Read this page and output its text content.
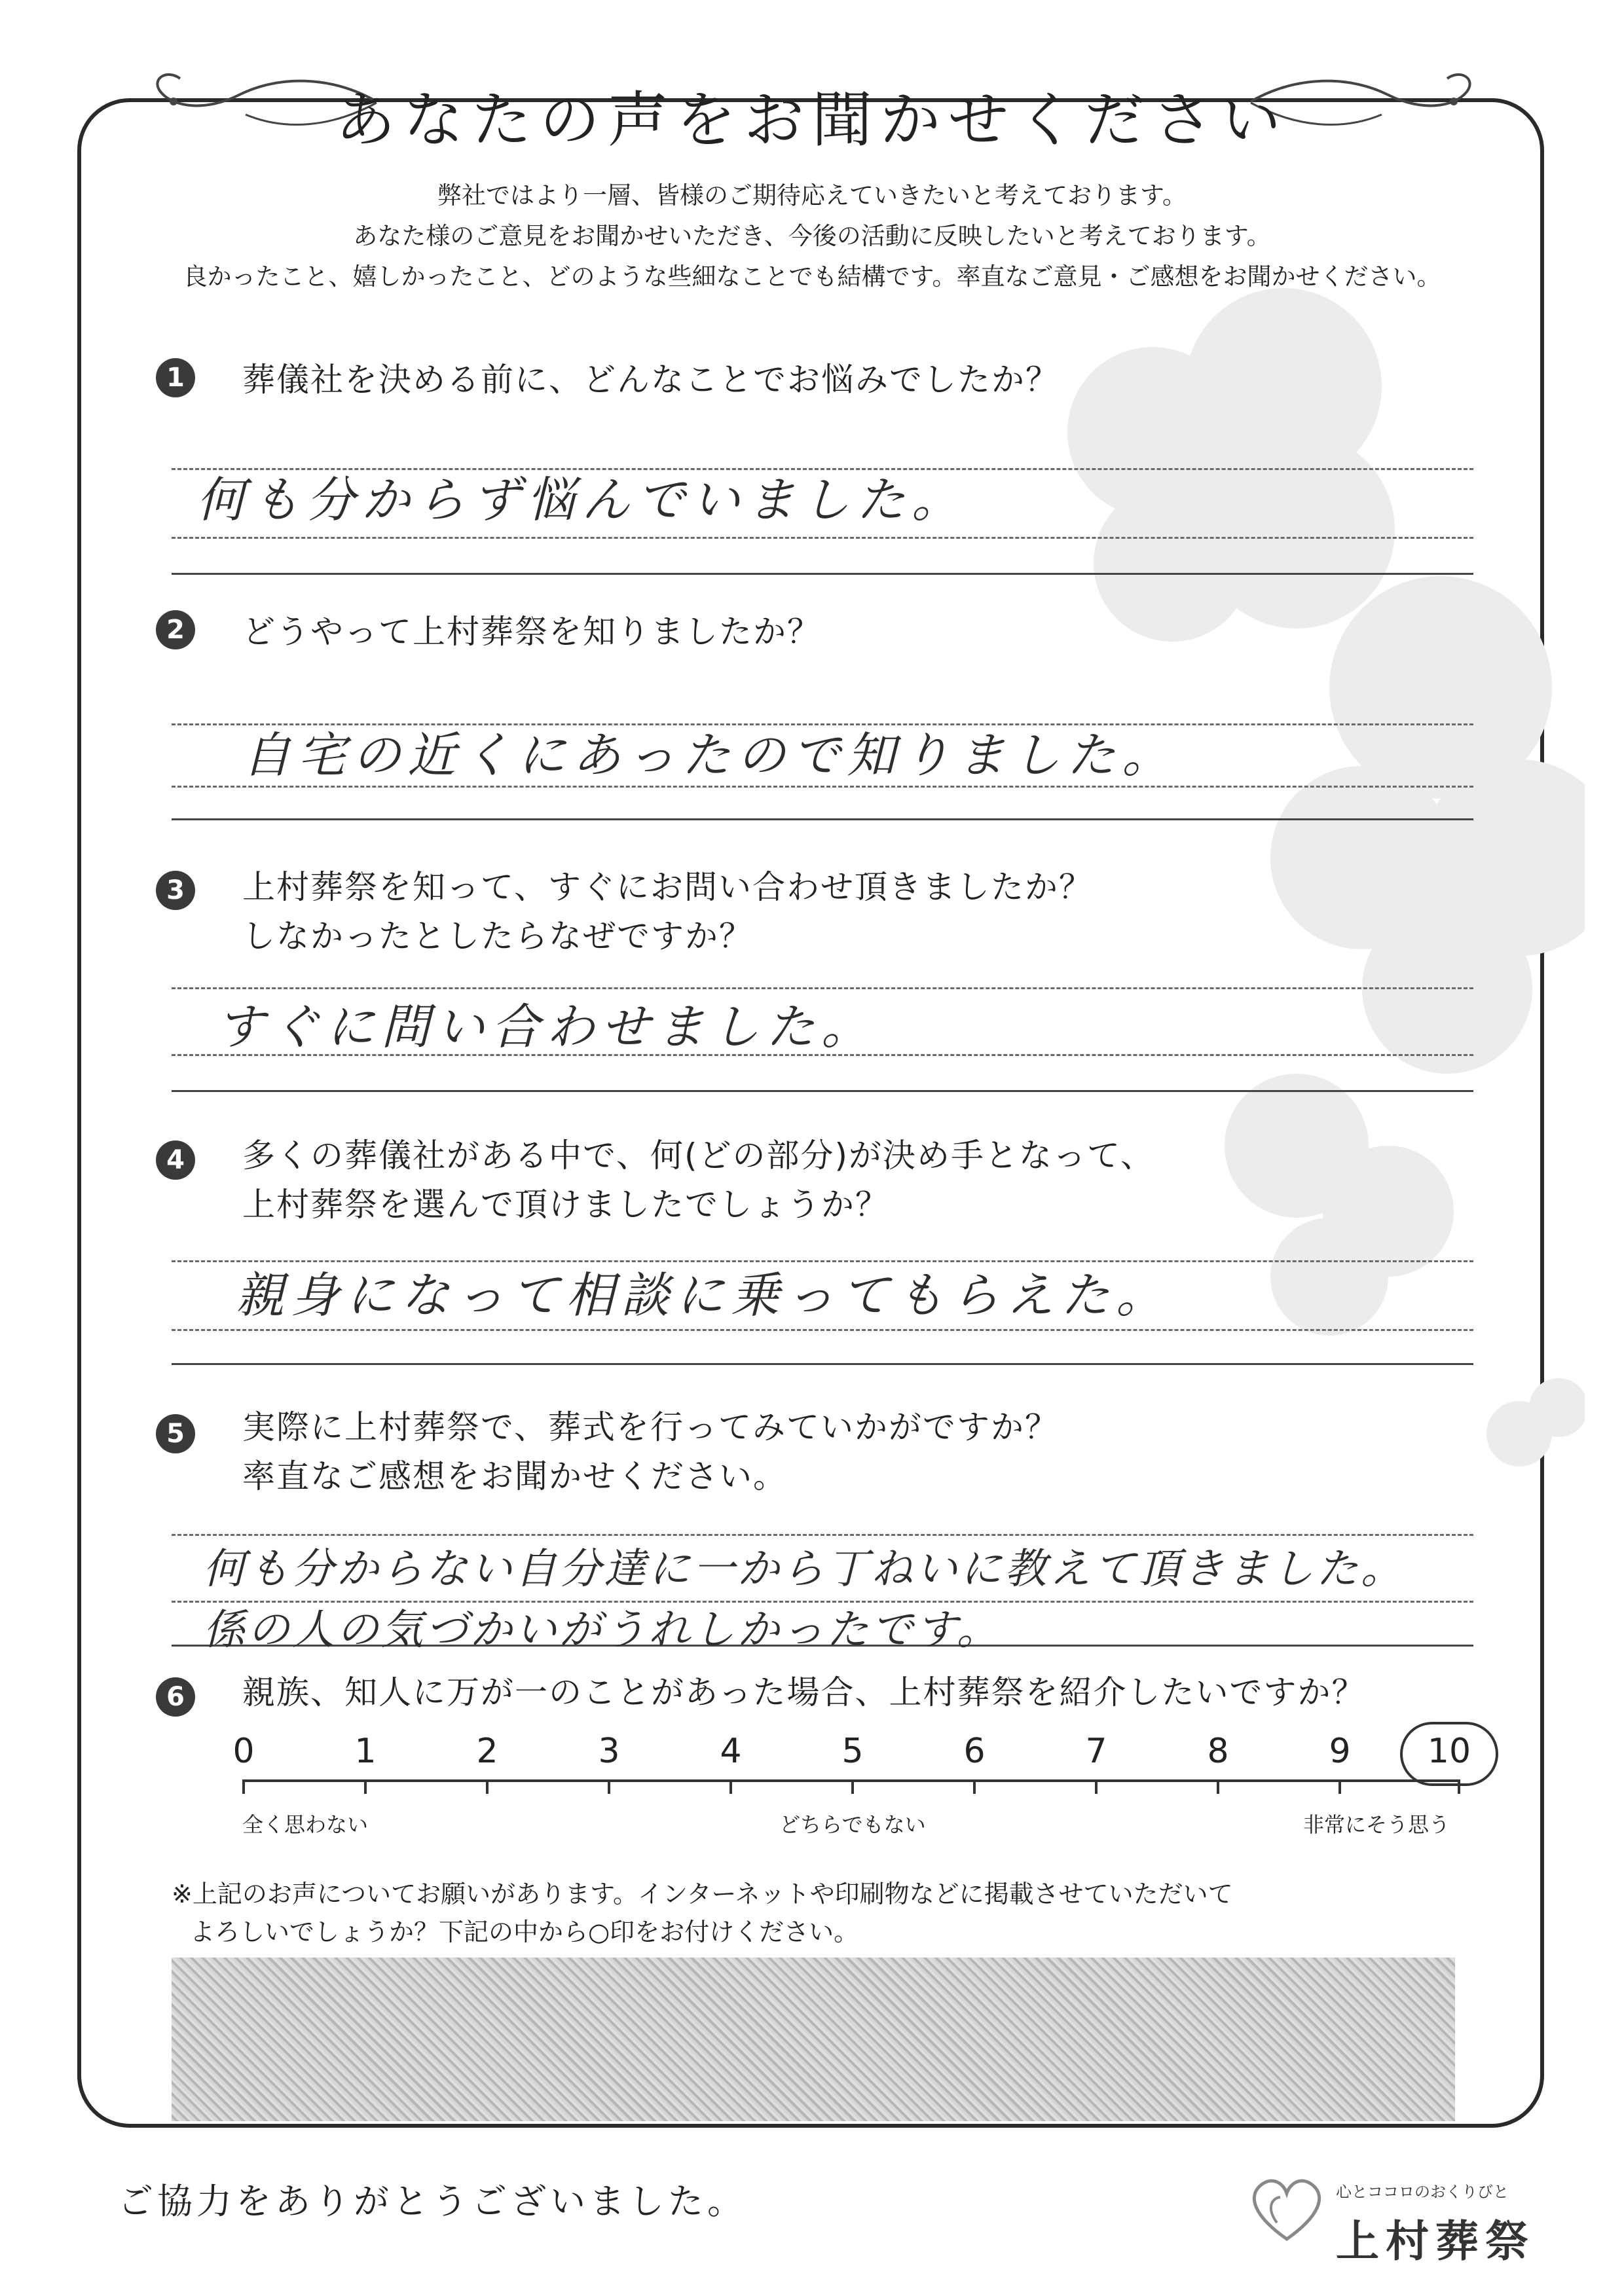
あなたの声をお聞かせください
弊社ではより一層、皆様のご期待応えていきたいと考えております。
あなた様のご意見をお聞かせいただき、今後の活動に反映したいと考えております。
良かったこと、嬉しかったこと、どのような些細なことでも結構です。率直なご意見・ご感想をお聞かせください。
1	葬儀社を決める前に、どんなことでお悩みでしたか？
何も分からず悩んでいました。
2	どうやって上村葬祭を知りましたか？
自宅の近くにあったので知りました。
3	上村葬祭を知って、すぐにお問い合わせ頂きましたか？
しなかったとしたらなぜですか？
すぐに問い合わせました。
4	多くの葬儀社がある中で、何(どの部分)が決め手となって、
上村葬祭を選んで頂けましたでしょうか？
親身になって相談に乗ってもらえた。
5	実際に上村葬祭で、葬式を行ってみていかがですか？
率直なご感想をお聞かせください。
何も分からない自分達に一から丁ねいに教えて頂きました。
係の人の気づかいがうれしかったです。
6	親族、知人に万が一のことがあった場合、上村葬祭を紹介したいですか？
0	1	2	3	4	5	6	7	8	9	10
全く思わない	どちらでもない	非常にそう思う
※上記のお声についてお願いがあります。インターネットや印刷物などに掲載させていただいて
よろしいでしょうか？下記の中から○印をお付けください。
ご協力をありがとうございました。	心とココロのおくりびと
上村葬祭
